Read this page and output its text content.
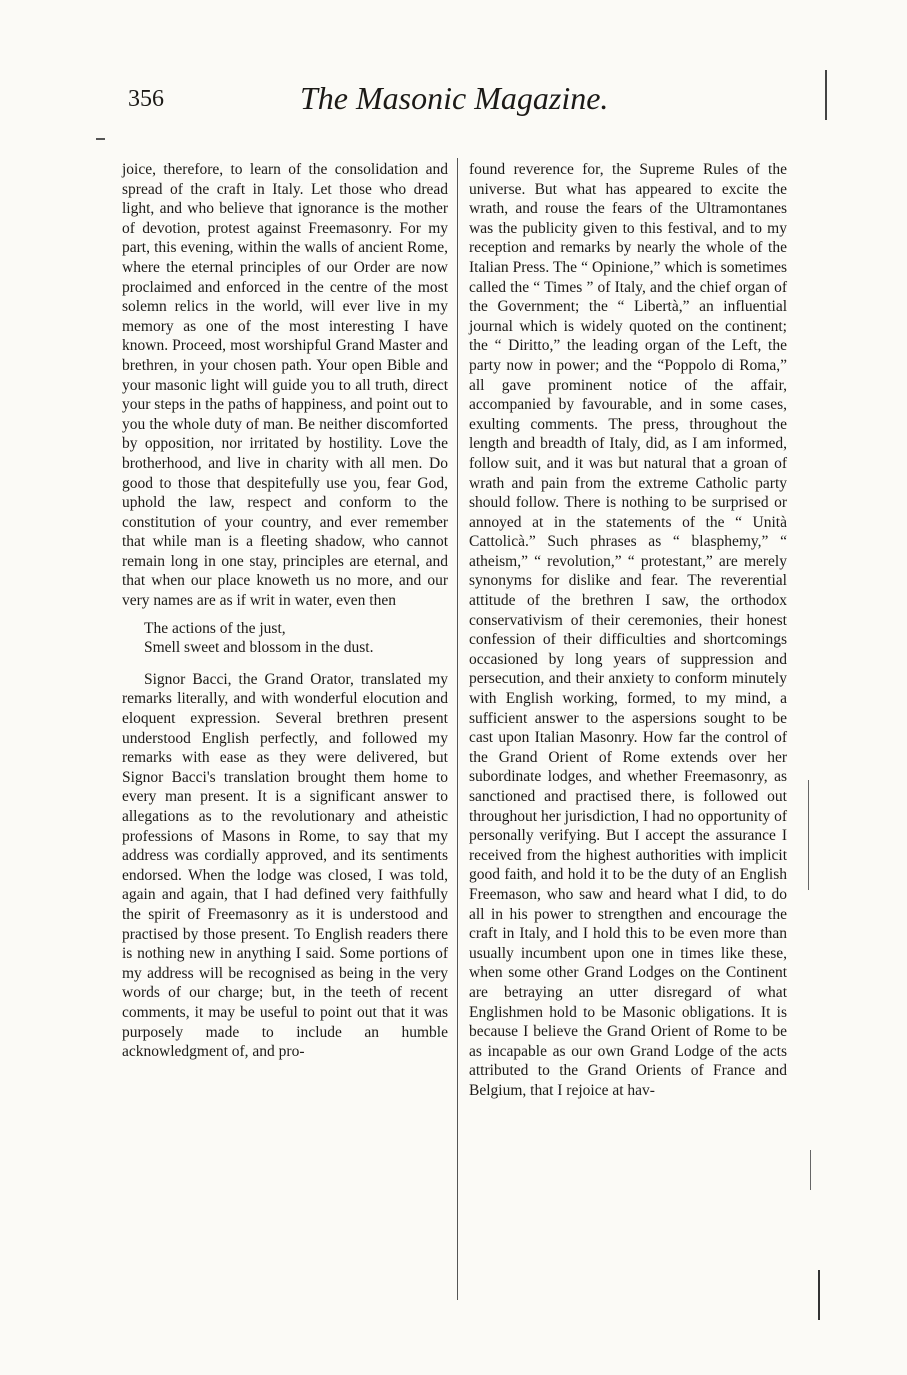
356	The Masonic Magazine.

joice, therefore, to learn of the consolidation and spread of the craft in Italy. Let those who dread light, and who believe that ignorance is the mother of devotion, protest against Freemasonry. For my part, this evening, within the walls of ancient Rome, where the eternal principles of our Order are now proclaimed and enforced in the centre of the most solemn relics in the world, will ever live in my memory as one of the most interesting I have known. Proceed, most worshipful Grand Master and brethren, in your chosen path. Your open Bible and your masonic light will guide you to all truth, direct your steps in the paths of happiness, and point out to you the whole duty of man. Be neither discomforted by opposition, nor irritated by hostility. Love the brotherhood, and live in charity with all men. Do good to those that despitefully use you, fear God, uphold the law, respect and conform to the constitution of your country, and ever remember that while man is a fleeting shadow, who cannot remain long in one stay, principles are eternal, and that when our place knoweth us no more, and our very names are as if writ in water, even then

The actions of the just,
Smell sweet and blossom in the dust.

Signor Bacci, the Grand Orator, translated my remarks literally, and with wonderful elocution and eloquent expression. Several brethren present understood English perfectly, and followed my remarks with ease as they were delivered, but Signor Bacci's translation brought them home to every man present. It is a significant answer to allegations as to the revolutionary and atheistic professions of Masons in Rome, to say that my address was cordially approved, and its sentiments endorsed. When the lodge was closed, I was told, again and again, that I had defined very faithfully the spirit of Freemasonry as it is understood and practised by those present. To English readers there is nothing new in anything I said. Some portions of my address will be recognised as being in the very words of our charge; but, in the teeth of recent comments, it may be useful to point out that it was purposely made to include an humble acknowledgment of, and pro-

found reverence for, the Supreme Rules of the universe. But what has appeared to excite the wrath, and rouse the fears of the Ultramontanes was the publicity given to this festival, and to my reception and remarks by nearly the whole of the Italian Press. The “ Opinione,” which is sometimes called the “ Times ” of Italy, and the chief organ of the Government; the “ Libertà,” an influential journal which is widely quoted on the continent; the “ Diritto,” the leading organ of the Left, the party now in power; and the “Poppolo di Roma,” all gave prominent notice of the affair, accompanied by favourable, and in some cases, exulting comments. The press, throughout the length and breadth of Italy, did, as I am informed, follow suit, and it was but natural that a groan of wrath and pain from the extreme Catholic party should follow. There is nothing to be surprised or annoyed at in the statements of the “ Unità Cattolicà.” Such phrases as “ blasphemy,” “ atheism,” “ revolution,” “ protestant,” are merely synonyms for dislike and fear. The reverential attitude of the brethren I saw, the orthodox conservativism of their ceremonies, their honest confession of their difficulties and shortcomings occasioned by long years of suppression and persecution, and their anxiety to conform minutely with English working, formed, to my mind, a sufficient answer to the aspersions sought to be cast upon Italian Masonry. How far the control of the Grand Orient of Rome extends over her subordinate lodges, and whether Freemasonry, as sanctioned and practised there, is followed out throughout her jurisdiction, I had no opportunity of personally verifying. But I accept the assurance I received from the highest authorities with implicit good faith, and hold it to be the duty of an English Freemason, who saw and heard what I did, to do all in his power to strengthen and encourage the craft in Italy, and I hold this to be even more than usually incumbent upon one in times like these, when some other Grand Lodges on the Continent are betraying an utter disregard of what Englishmen hold to be Masonic obligations. It is because I believe the Grand Orient of Rome to be as incapable as our own Grand Lodge of the acts attributed to the Grand Orients of France and Belgium, that I rejoice at hav-
